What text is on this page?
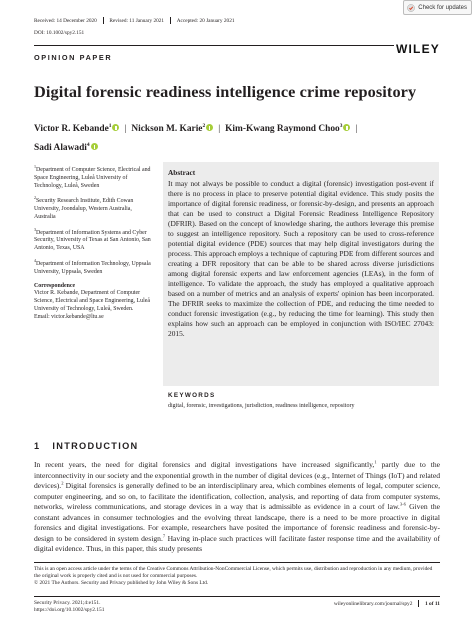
Received: 14 December 2020 Revised: 11 January 2021 Accepted: 20 January 2021
DOI: 10.1002/spy2.151
Check for updates
WILEY
OPINION PAPER
Digital forensic readiness intelligence crime repository
Victor R. Kebande$^1$ | Nickson M. Karie$^2$ | Kim-Kwang Raymond Choo$^3$ |
Sadi Alawadi$^4$

$^1$Department of Computer Science, Electrical and Space Engineering, Luleå University of Technology, Luleå, Sweden

$^2$Security Research Institute, Edith Cowan University, Joondalup, Western Australia, Australia

$^3$Department of Information Systems and Cyber Security, University of Texas at San Antonio, San Antonio, Texas, USA

$^4$Department of Information Technology, Uppsala University, Uppsala, Sweden

Correspondence

Victor R. Kebande, Department of Computer Science, Electrical and Space Engineering, Luleå University of Technology, Luleå, Sweden.
Email: victor.kebande@ltu.se

Abstract

It may not always be possible to conduct a digital (forensic) investigation post-event if there is no process in place to preserve potential digital evidence. This study posits the importance of digital forensic readiness, or forensic-by-design, and presents an approach that can be used to construct a Digital Forensic Readiness Intelligence Repository (DFRIR). Based on the concept of knowledge sharing, the authors leverage this premise to suggest an intelligence repository. Such a repository can be used to cross-reference potential digital evidence (PDE) sources that may help digital investigators during the process. This approach employs a technique of capturing PDE from different sources and creating a DFR repository that can be able to be shared across diverse jurisdictions among digital forensic experts and law enforcement agencies (LEAs), in the form of intelligence. To validate the approach, the study has employed a qualitative approach based on a number of metrics and an analysis of experts' opinion has been incorporated. The DFRIR seeks to maximize the collection of PDE, and reducing the time needed to conduct forensic investigation (e.g., by reducing the time for learning). This study then explains how such an approach can be employed in conjunction with ISO/IEC 27043: 2015.

KEYWORDS
digital, forensic, investigations, jurisdiction, readiness intelligence, repository
1 INTRODUCTION

In recent years, the need for digital forensics and digital investigations have increased significantly,$^1$ partly due to the interconnectivity in our society and the exponential growth in the number of digital devices (e.g., Internet of Things (IoT) and related devices).$^2$ Digital forensics is generally defined to be an interdisciplinary area, which combines elements of legal, computer science, computer engineering, and so on, to facilitate the identification, collection, analysis, and reporting of data from computer systems, networks, wireless communications, and storage devices in a way that is admissible as evidence in a court of law.$^{3-6}$ Given the constant advances in consumer technologies and the evolving threat landscape, there is a need to be more proactive in digital forensics and digital investigations. For example, researchers have posited the importance of forensic readiness and forensic-by-design to be considered in system design.$^7$ Having in-place such practices will facilitate faster response time and the availability of digital evidence. Thus, in this paper, this study presents

This is an open access article under the terms of the Creative Commons Attribution-NonCommercial License, which permits use, distribution and reproduction in any medium, provided the original work is properly cited and is not used for commercial purposes.
© 2021 The Authors. Security and Privacy published by John Wiley & Sons Ltd.

Security Privacy. 2021;4:e151.
https://doi.org/10.1002/spy2.151
wileyonlinelibrary.com/journal/spy2 1 of 11
